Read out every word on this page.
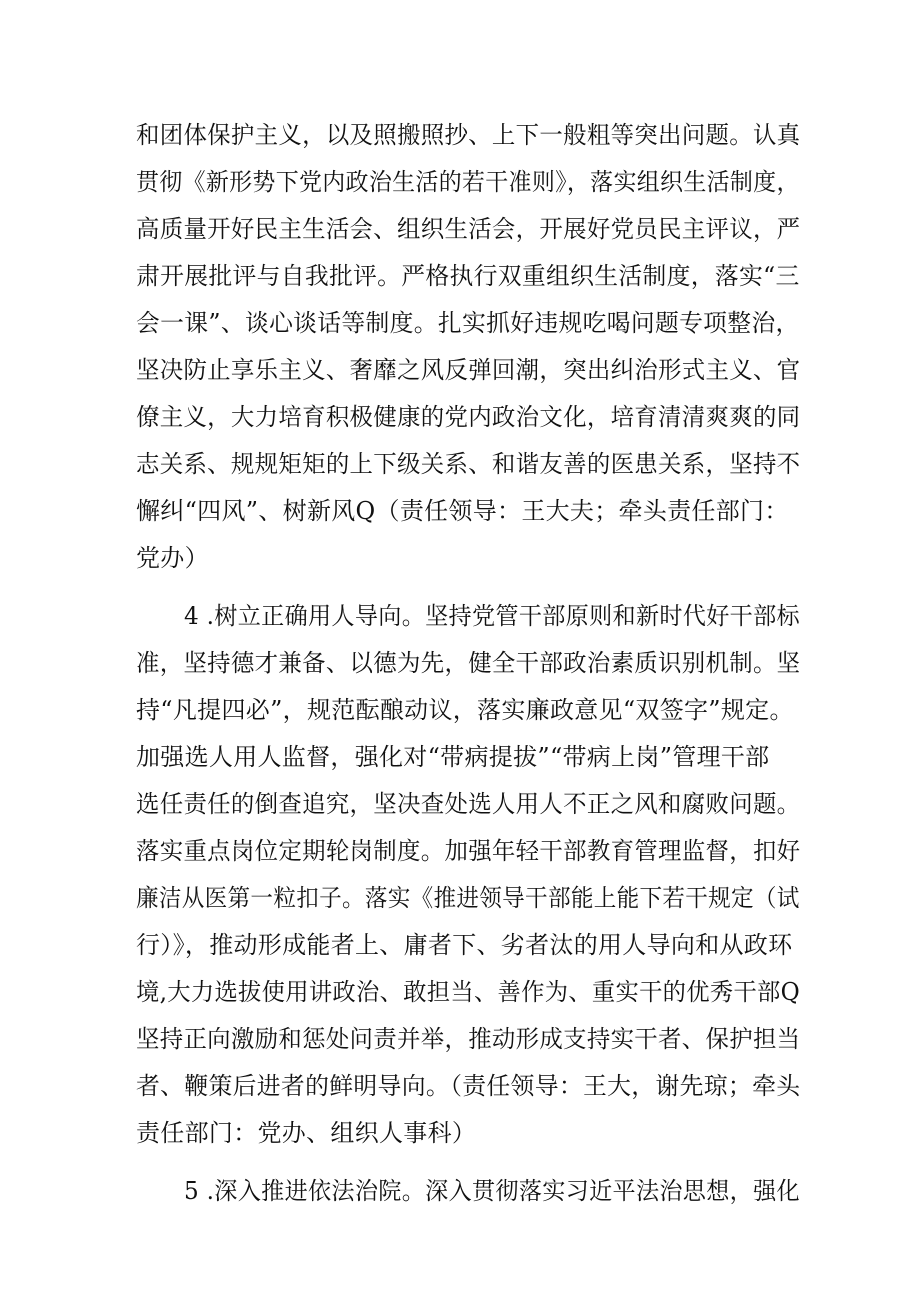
和团体保护主义，以及照搬照抄、上下一般粗等突出问题。认真
贯彻《新形势下党内政治生活的若干准则》，落实组织生活制度，
高质量开好民主生活会、组织生活会，开展好党员民主评议，严
肃开展批评与自我批评。严格执行双重组织生活制度，落实“三
会一课”、谈心谈话等制度。扎实抓好违规吃喝问题专项整治，
坚决防止享乐主义、奢靡之风反弹回潮，突出纠治形式主义、官
僚主义，大力培育积极健康的党内政治文化，培育清清爽爽的同
志关系、规规矩矩的上下级关系、和谐友善的医患关系，坚持不
懈纠“四风”、树新风Q（责任领导：王大夫；牵头责任部门：
党办）
4 .树立正确用人导向。坚持党管干部原则和新时代好干部标
准，坚持德才兼备、以德为先，健全干部政治素质识别机制。坚
持“凡提四必”，规范酝酿动议，落实廉政意见“双签字”规定。
加强选人用人监督，强化对“带病提拔”“带病上岗”管理干部
选任责任的倒查追究，坚决查处选人用人不正之风和腐败问题。
落实重点岗位定期轮岗制度。加强年轻干部教育管理监督，扣好
廉洁从医第一粒扣子。落实《推进领导干部能上能下若干规定（试
行）》，推动形成能者上、庸者下、劣者汰的用人导向和从政环
境,大力选拔使用讲政治、敢担当、善作为、重实干的优秀干部Q
坚持正向激励和惩处问责并举，推动形成支持实干者、保护担当
者、鞭策后进者的鲜明导向。（责任领导：王大，谢先琼；牵头
责任部门：党办、组织人事科）
5 .深入推进依法治院。深入贯彻落实习近平法治思想，强化
